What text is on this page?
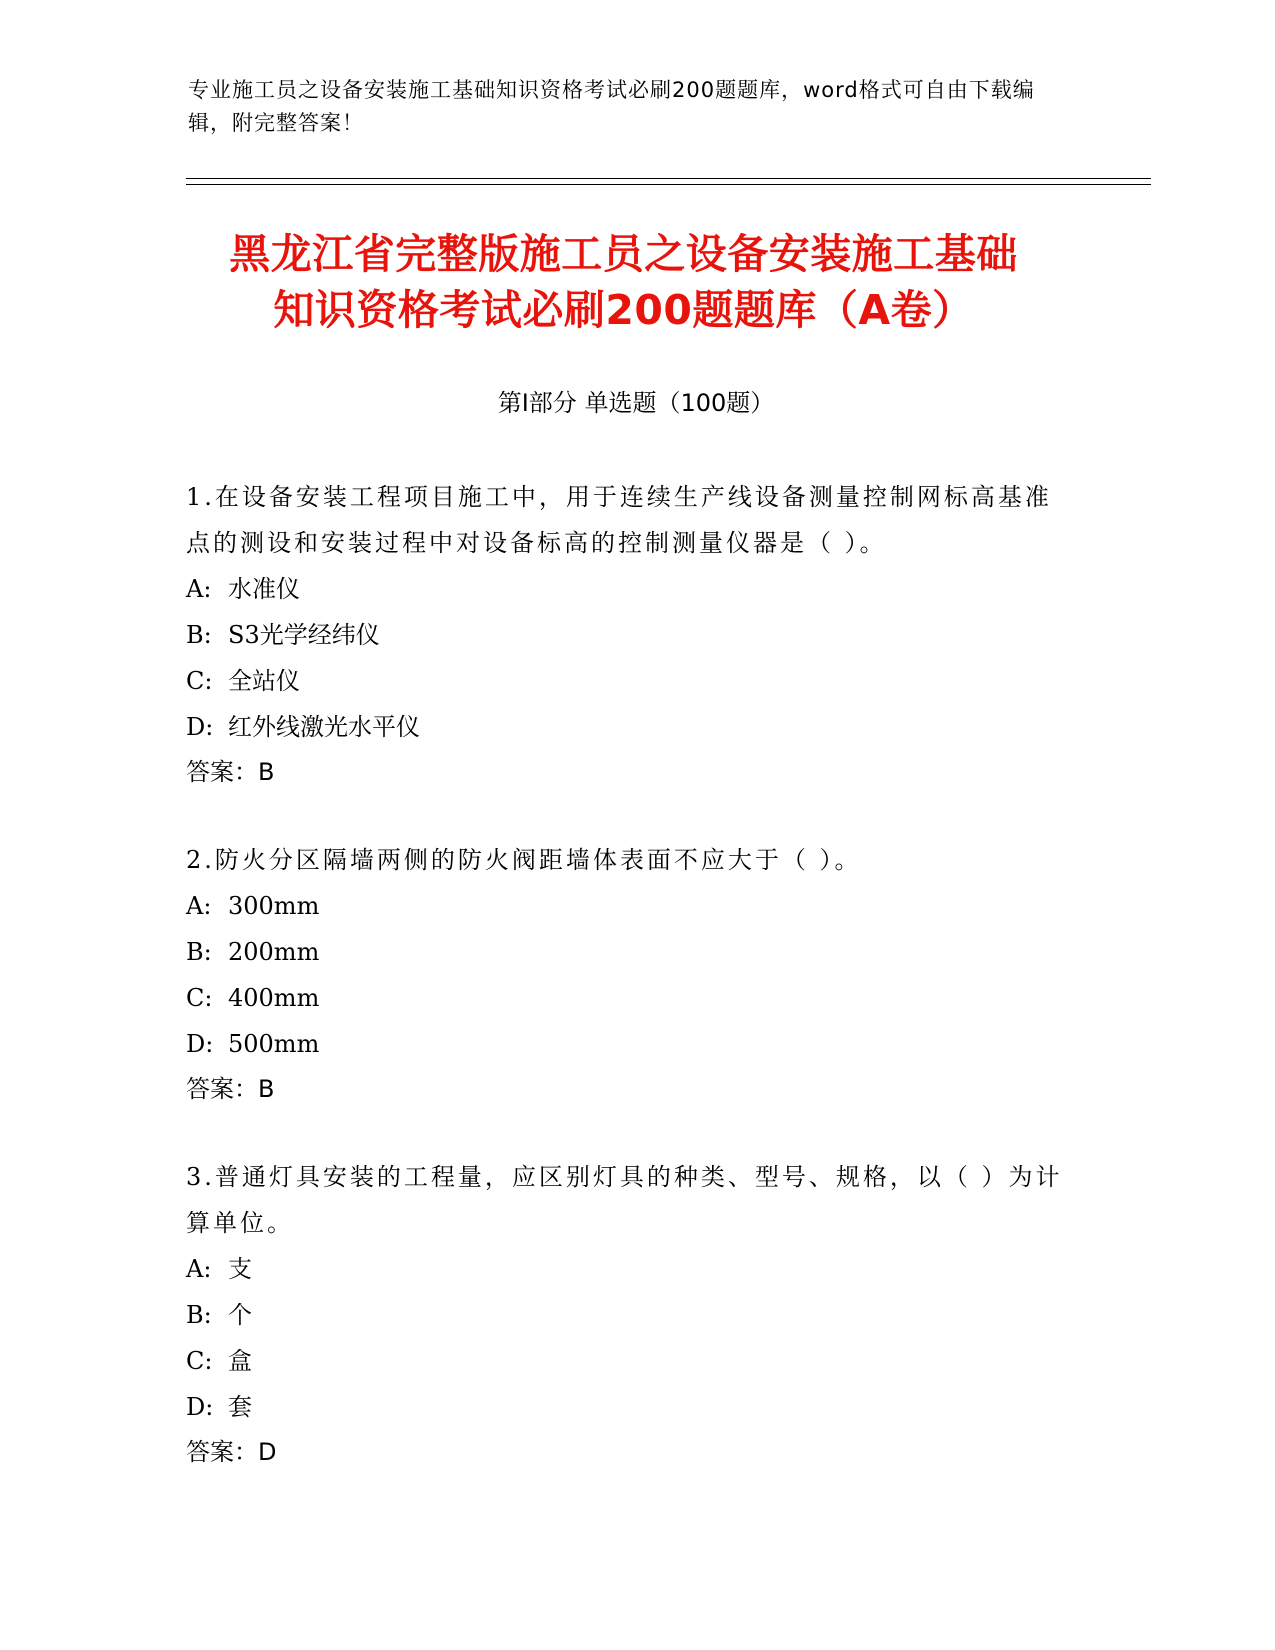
专业施工员之设备安装施工基础知识资格考试必刷200题题库，word格式可自由下载编辑，附完整答案！
黑龙江省完整版施工员之设备安装施工基础
知识资格考试必刷200题题库（A卷）
第Ⅰ部分 单选题（100题）
1.在设备安装工程项目施工中，用于连续生产线设备测量控制网标高基准点的测设和安装过程中对设备标高的控制测量仪器是（ ）。
A: 水准仪
B: S3光学经纬仪
C: 全站仪
D: 红外线激光水平仪
答案：B
2.防火分区隔墙两侧的防火阀距墙体表面不应大于（ ）。
A: 300mm
B: 200mm
C: 400mm
D: 500mm
答案：B
3.普通灯具安装的工程量，应区别灯具的种类、型号、规格，以（ ）为计算单位。
A: 支
B: 个
C: 盒
D: 套
答案：D
